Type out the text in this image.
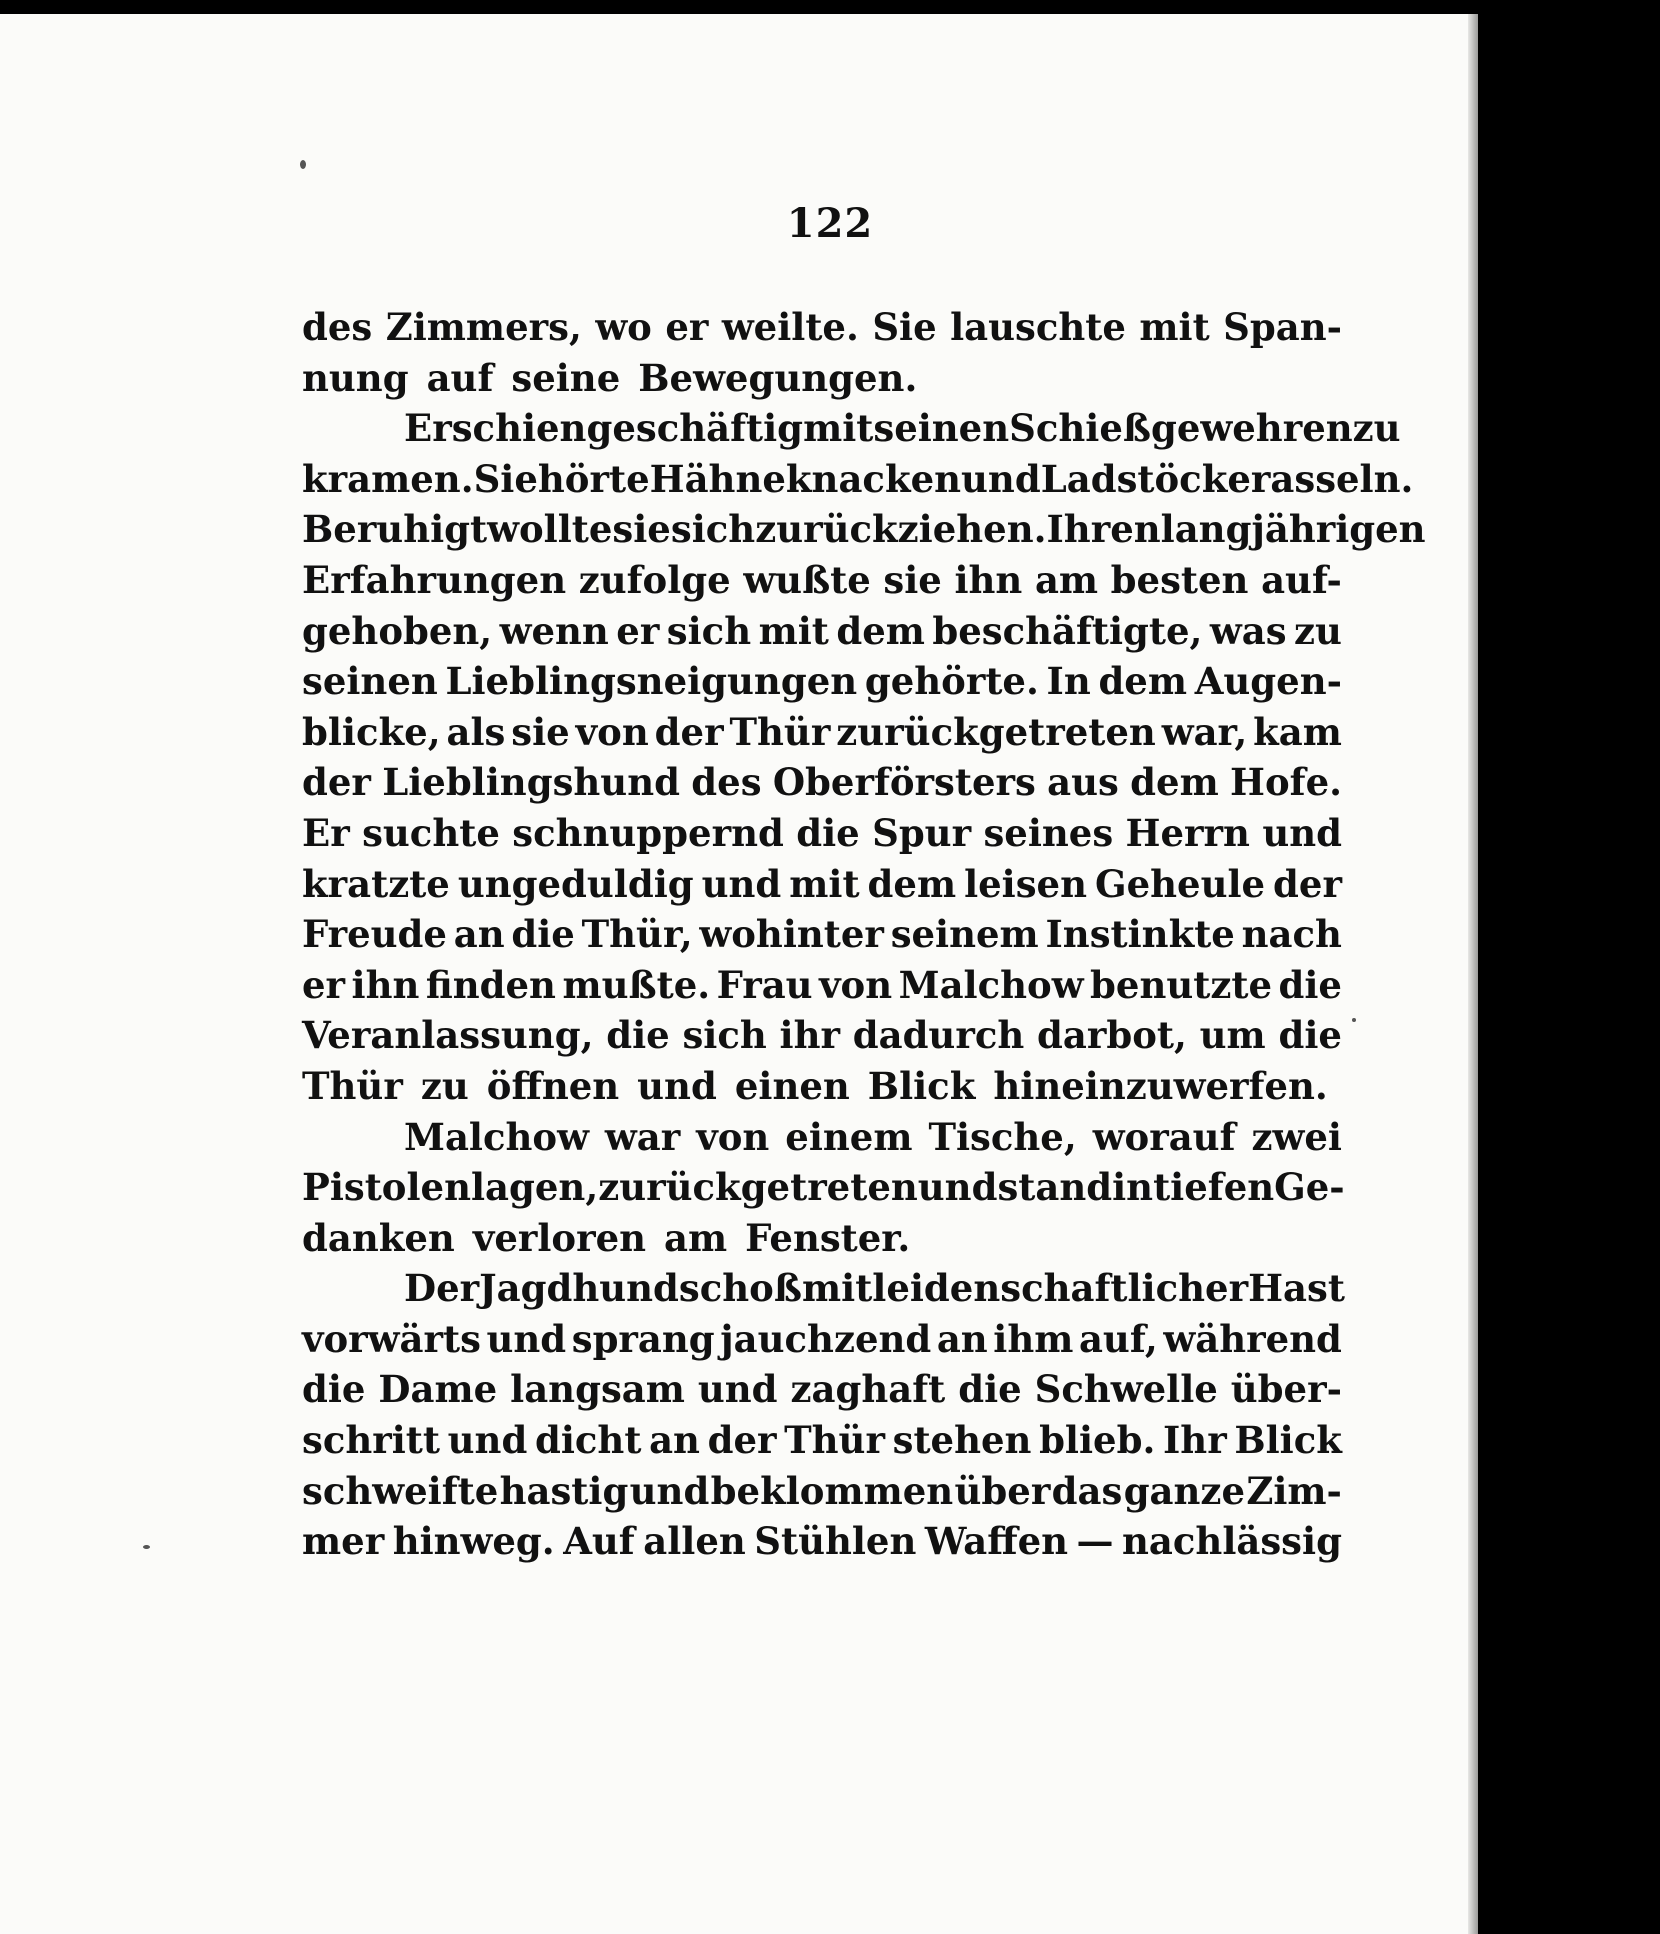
122
des Zimmers, wo er weilte. Sie lauschte mit Span-
nung auf seine Bewegungen.
Er schien geschäftig mit seinen Schießgewehren zu
kramen. Sie hörte Hähne knacken und Ladstöcke rasseln.
Beruhigt wollte sie sich zurückziehen. Ihren langjährigen
Erfahrungen zufolge wußte sie ihn am besten auf-
gehoben, wenn er sich mit dem beschäftigte, was zu
seinen Lieblingsneigungen gehörte. In dem Augen-
blicke, als sie von der Thür zurückgetreten war, kam
der Lieblingshund des Oberförsters aus dem Hofe.
Er suchte schnuppernd die Spur seines Herrn und
kratzte ungeduldig und mit dem leisen Geheule der
Freude an die Thür, wohinter seinem Instinkte nach
er ihn finden mußte. Frau von Malchow benutzte die
Veranlassung, die sich ihr dadurch darbot, um die
Thür zu öffnen und einen Blick hineinzuwerfen.
Malchow war von einem Tische, worauf zwei
Pistolen lagen, zurückgetreten und stand in tiefen Ge-
danken verloren am Fenster.
Der Jagdhund schoß mit leidenschaftlicher Hast
vorwärts und sprang jauchzend an ihm auf, während
die Dame langsam und zaghaft die Schwelle über-
schritt und dicht an der Thür stehen blieb. Ihr Blick
schweifte hastig und beklommen über das ganze Zim-
mer hinweg. Auf allen Stühlen Waffen — nachlässig
